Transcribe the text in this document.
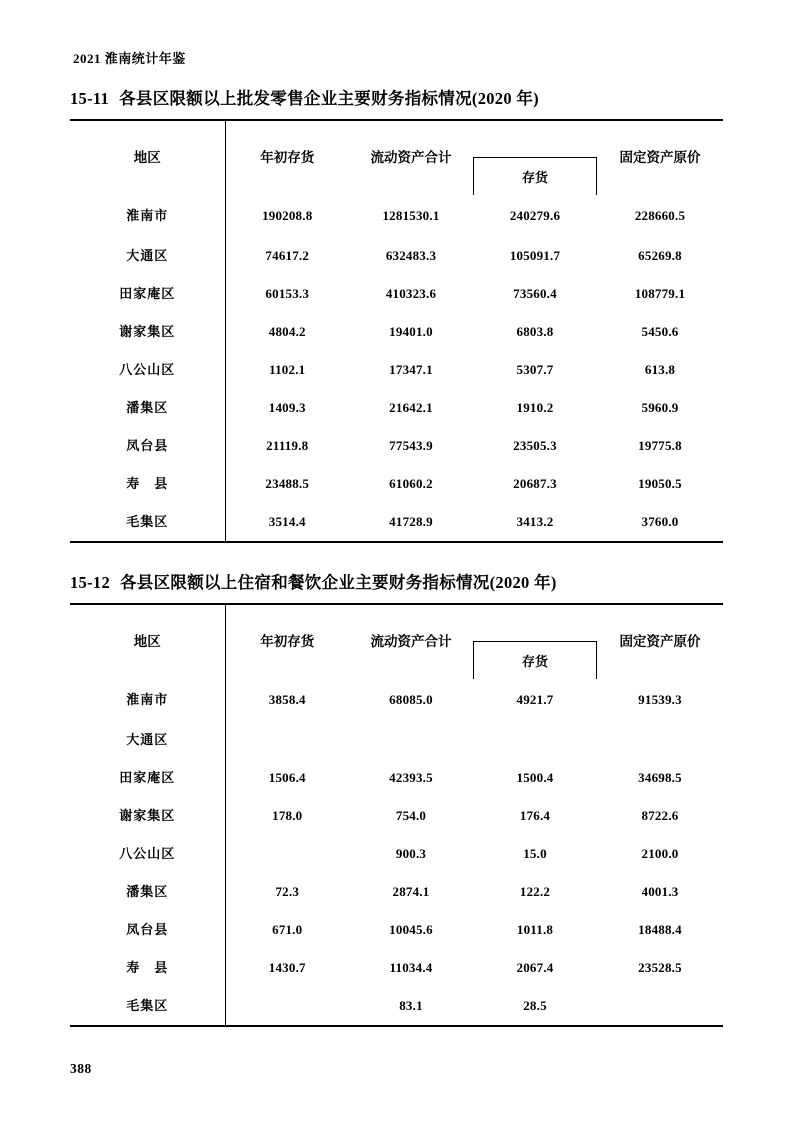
2021 淮南统计年鉴
15-11 各县区限额以上批发零售企业主要财务指标情况(2020 年)
地区	年初存货	流动资产合计	存货	固定资产原价

淮南市	190208.8	1281530.1	240279.6	228660.5
大通区	74617.2	632483.3	105091.7	65269.8
田家庵区	60153.3	410323.6	73560.4	108779.1
谢家集区	4804.2	19401.0	6803.8	5450.6
八公山区	1102.1	17347.1	5307.7	613.8
潘集区	1409.3	21642.1	1910.2	5960.9
凤台县	21119.8	77543.9	23505.3	19775.8
寿　县	23488.5	61060.2	20687.3	19050.5
毛集区	3514.4	41728.9	3413.2	3760.0
15-12 各县区限额以上住宿和餐饮企业主要财务指标情况(2020 年)
地区	年初存货	流动资产合计	存货	固定资产原价

淮南市	3858.4	68085.0	4921.7	91539.3
大通区				
田家庵区	1506.4	42393.5	1500.4	34698.5
谢家集区	178.0	754.0	176.4	8722.6
八公山区		900.3	15.0	2100.0
潘集区	72.3	2874.1	122.2	4001.3
凤台县	671.0	10045.6	1011.8	18488.4
寿　县	1430.7	11034.4	2067.4	23528.5
毛集区		83.1	28.5	
388
